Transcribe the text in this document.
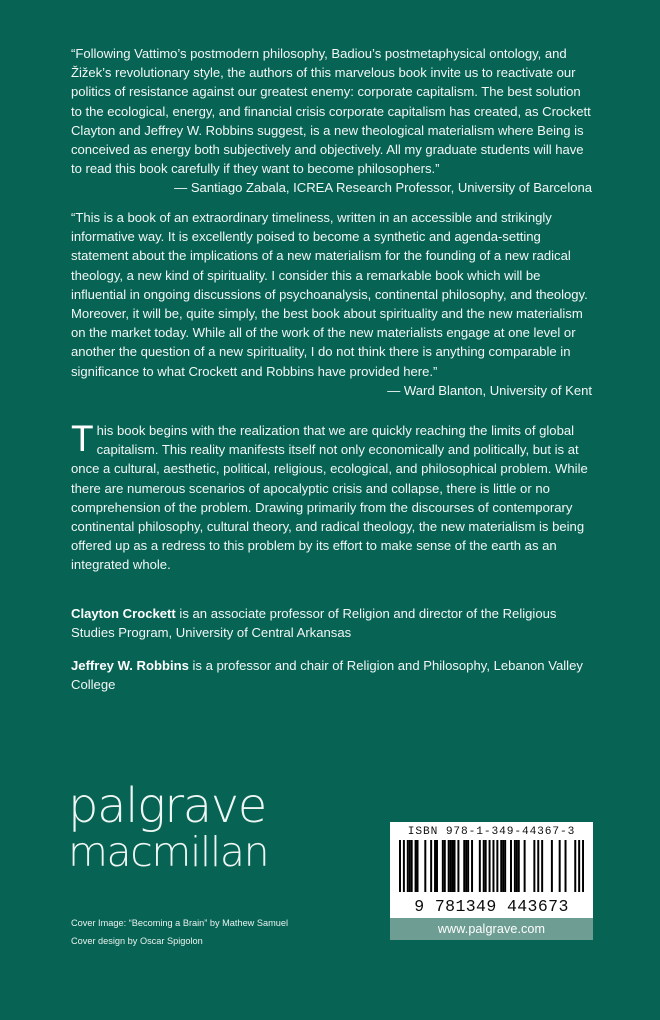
“Following Vattimo’s postmodern philosophy, Badiou’s postmetaphysical ontology, and Žižek’s revolutionary style, the authors of this marvelous book invite us to reactivate our politics of resistance against our greatest enemy: corporate capitalism. The best solution to the ecological, energy, and financial crisis corporate capitalism has created, as Crockett Clayton and Jeffrey W. Robbins suggest, is a new theological materialism where Being is conceived as energy both subjectively and objectively. All my graduate students will have to read this book carefully if they want to become philosophers.”
— Santiago Zabala, ICREA Research Professor, University of Barcelona
“This is a book of an extraordinary timeliness, written in an accessible and strikingly informative way. It is excellently poised to become a synthetic and agenda-setting statement about the implications of a new materialism for the founding of a new radical theology, a new kind of spirituality. I consider this a remarkable book which will be influential in ongoing discussions of psychoanalysis, continental philosophy, and theology. Moreover, it will be, quite simply, the best book about spirituality and the new materialism on the market today. While all of the work of the new materialists engage at one level or another the question of a new spirituality, I do not think there is anything comparable in significance to what Crockett and Robbins have provided here.”
— Ward Blanton, University of Kent
This book begins with the realization that we are quickly reaching the limits of global capitalism. This reality manifests itself not only economically and politically, but is at once a cultural, aesthetic, political, religious, ecological, and philosophical problem. While there are numerous scenarios of apocalyptic crisis and collapse, there is little or no comprehension of the problem. Drawing primarily from the discourses of contemporary continental philosophy, cultural theory, and radical theology, the new materialism is being offered up as a redress to this problem by its effort to make sense of the earth as an integrated whole.
Clayton Crockett is an associate professor of Religion and director of the Religious Studies Program, University of Central Arkansas
Jeffrey W. Robbins is a professor and chair of Religion and Philosophy, Lebanon Valley College
palgrave
macmillan
Cover Image: “Becoming a Brain” by Mathew Samuel
Cover design by Oscar Spigolon
ISBN 978-1-349-44367-3
9 781349 443673
www.palgrave.com
